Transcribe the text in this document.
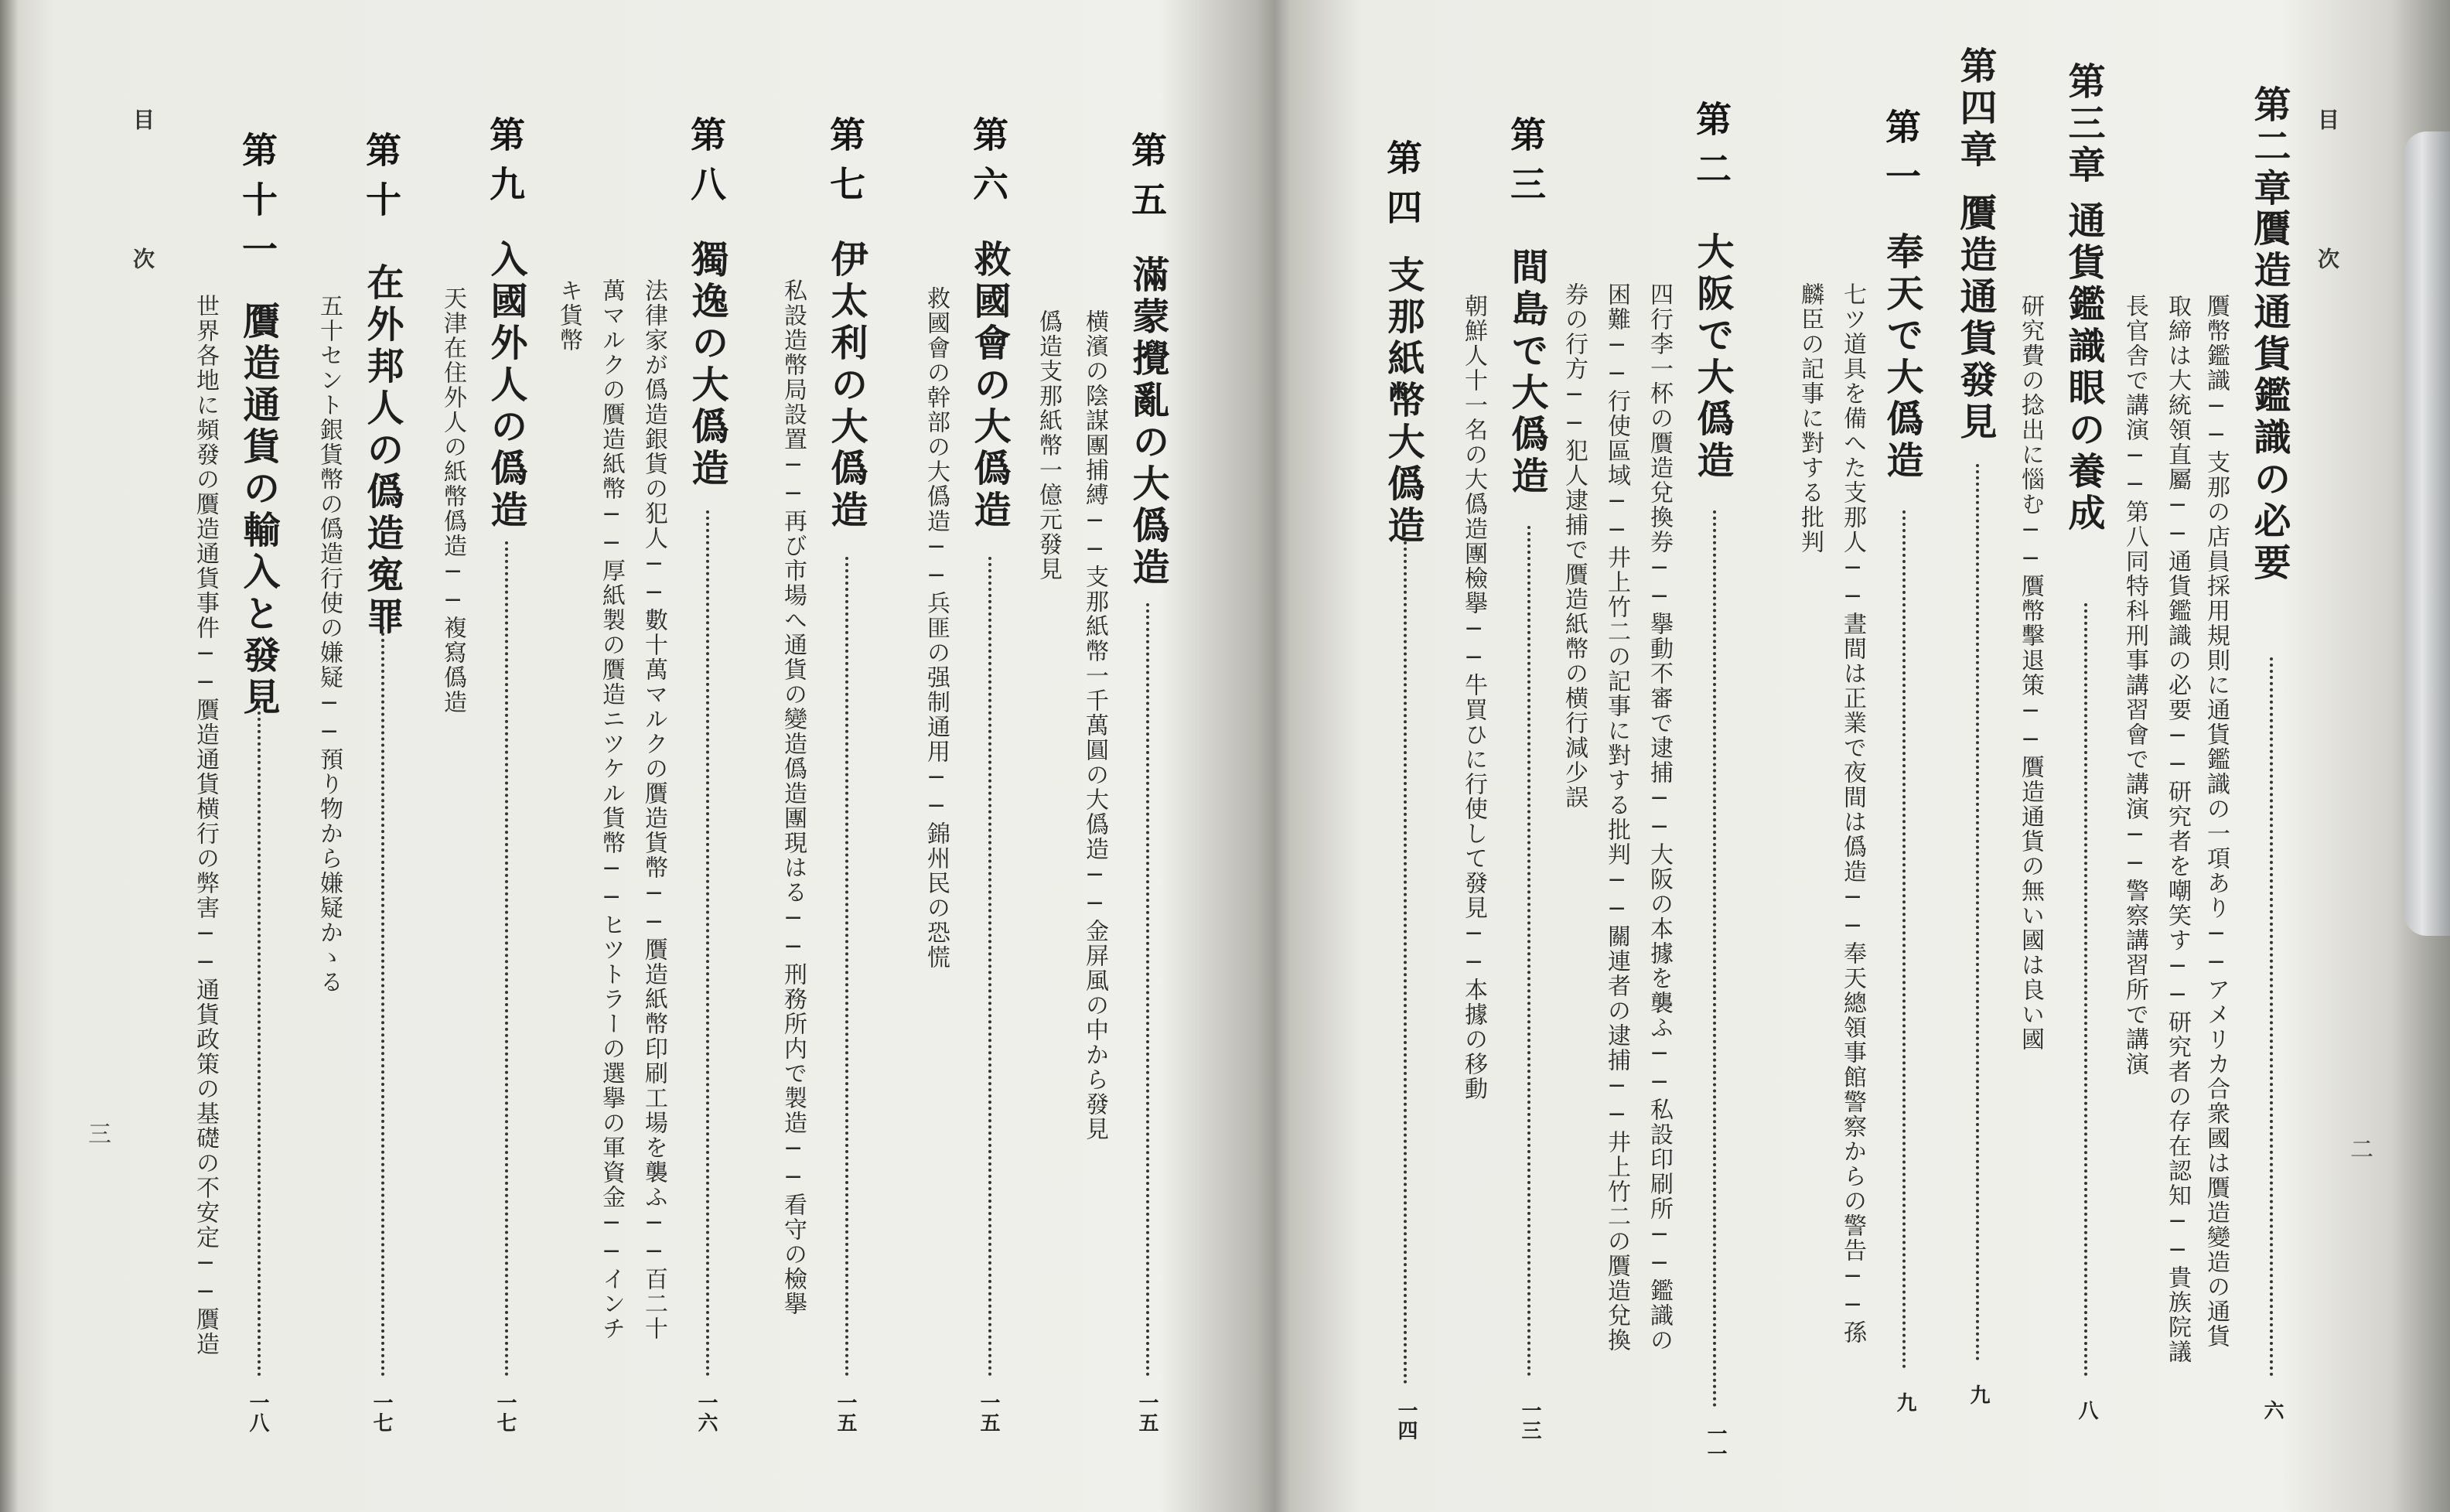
目
次
三
第五
滿蒙攪亂の大僞造
一五
横濱の陰謀團捕縛──支那紙幣一千萬圓の大僞造──金屏風の中から發見
僞造支那紙幣一億元發見
第六
救國會の大僞造
一五
救國會の幹部の大僞造──兵匪の强制通用──錦州民の恐慌
第七
伊太利の大僞造
一五
私設造幣局設置──再び市場へ通貨の變造僞造團現はる──刑務所内で製造──看守の檢擧
第八
獨逸の大僞造
一六
法律家が僞造銀貨の犯人──數十萬マルクの贋造貨幣──贋造紙幣印刷工場を襲ふ──百二十
萬マルクの贋造紙幣──厚紙製の贋造ニツケル貨幣──ヒツトラーの選擧の軍資金──インチ
キ貨幣
第九
入國外人の僞造
一七
天津在住外人の紙幣僞造──複寫僞造
第十
在外邦人の僞造寃罪
一七
五十セント銀貨幣の僞造行使の嫌疑──預り物から嫌疑かゝる
第十一
贋造通貨の輸入と發見
一八
世界各地に頻發の贋造通貨事件──贋造通貨横行の弊害──通貨政策の基礎の不安定──贋造
目
次
二
第二章
贋造通貨鑑識の必要
六
贋幣鑑識──支那の店員採用規則に通貨鑑識の一項あり──アメリカ合衆國は贋造變造の通貨
取締は大統領直屬──通貨鑑識の必要──研究者を嘲笑す──研究者の存在認知──貴族院議
長官舎で講演──第八同特科刑事講習會で講演──警察講習所で講演
第三章
通貨鑑識眼の養成
八
研究費の捻出に惱む──贋幣擊退策──贋造通貨の無い國は良い國
第四章
贋造通貨發見
九
第一
奉天で大僞造
九
七ツ道具を備へた支那人──晝間は正業で夜間は僞造──奉天總領事館警察からの警告──孫
麟臣の記事に對する批判
第二
大阪で大僞造
一一
四行李一杯の贋造兌換券──擧動不審で逮捕──大阪の本據を襲ふ──私設印刷所──鑑識の
困難──行使區域──井上竹二の記事に對する批判──關連者の逮捕──井上竹二の贋造兌換
券の行方──犯人逮捕で贋造紙幣の横行減少誤
第三
間島で大僞造
一三
朝鮮人十一名の大僞造團檢擧──牛買ひに行使して發見──本據の移動
第四
支那紙幣大僞造
一四
